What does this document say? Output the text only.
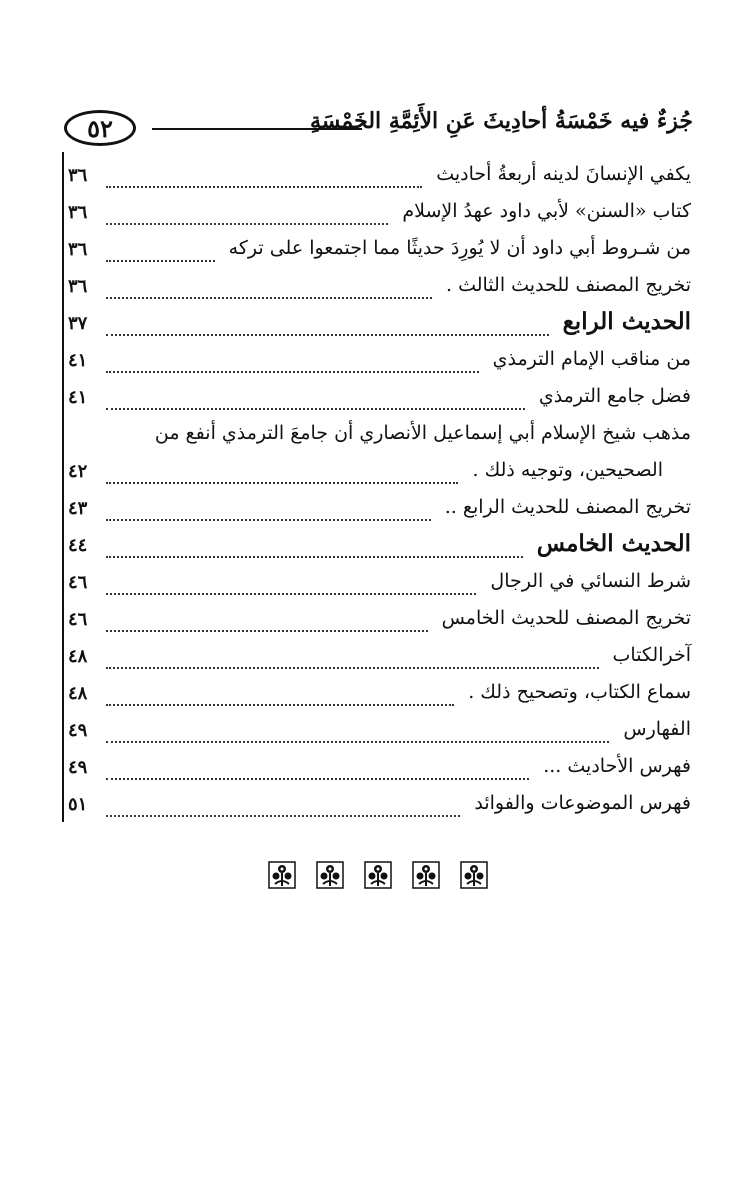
٥٢	جُزءٌ فيه خَمْسَةُ أحادِيثَ عَنِ الأَئِمَّةِ الخَمْسَةِ
يكفي الإنسانَ لدينه أربعةُ أحاديث
٣٦
كتاب «السنن» لأبي داود عهدُ الإسلام
٣٦
من شـروط أبي داود أن لا يُورِدَ حديثًا مما اجتمعوا على تركه
٣٦
تخريج المصنف للحديث الثالث .
٣٦
الحديث الرابع
٣٧
من مناقب الإمام الترمذي
٤١
فضل جامع الترمذي
٤١
مذهب شيخ الإسلام أبي إسماعيل الأنصاري أن جامعَ الترمذي أنفع من
الصحيحين، وتوجيه ذلك .
٤٢
تخريج المصنف للحديث الرابع ..
٤٣
الحديث الخامس
٤٤
شرط النسائي في الرجال
٤٦
تخريج المصنف للحديث الخامس
٤٦
آخرالكتاب
٤٨
سماع الكتاب، وتصحيح ذلك .
٤٨
الفهارس
٤٩
فهرس الأحاديث ...
٤٩
فهرس الموضوعات والفوائد
٥١
